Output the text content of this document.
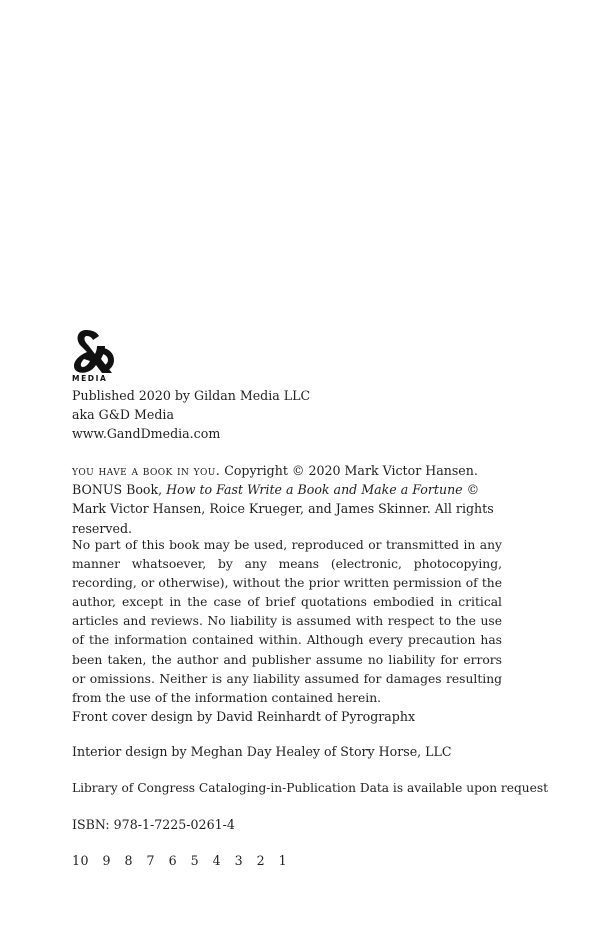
MEDIA
Published 2020 by Gildan Media LLC
aka G&D Media
www.GandDmedia.com
you have a book in you. Copyright © 2020 Mark Victor Hansen. BONUS Book, How to Fast Write a Book and Make a Fortune © Mark Victor Hansen, Roice Krueger, and James Skinner. All rights reserved.
No part of this book may be used, reproduced or transmitted in any manner whatsoever, by any means (electronic, photocopying, recording, or otherwise), without the prior written permission of the author, except in the case of brief quotations embodied in critical articles and reviews. No liability is assumed with respect to the use of the information contained within. Although every precaution has been taken, the author and publisher assume no liability for errors or omissions. Neither is any liability assumed for damages resulting from the use of the information contained herein.
Front cover design by David Reinhardt of Pyrographx
Interior design by Meghan Day Healey of Story Horse, LLC
Library of Congress Cataloging-in-Publication Data is available upon request
ISBN: 978-1-7225-0261-4
10 9 8 7 6 5 4 3 2 1
